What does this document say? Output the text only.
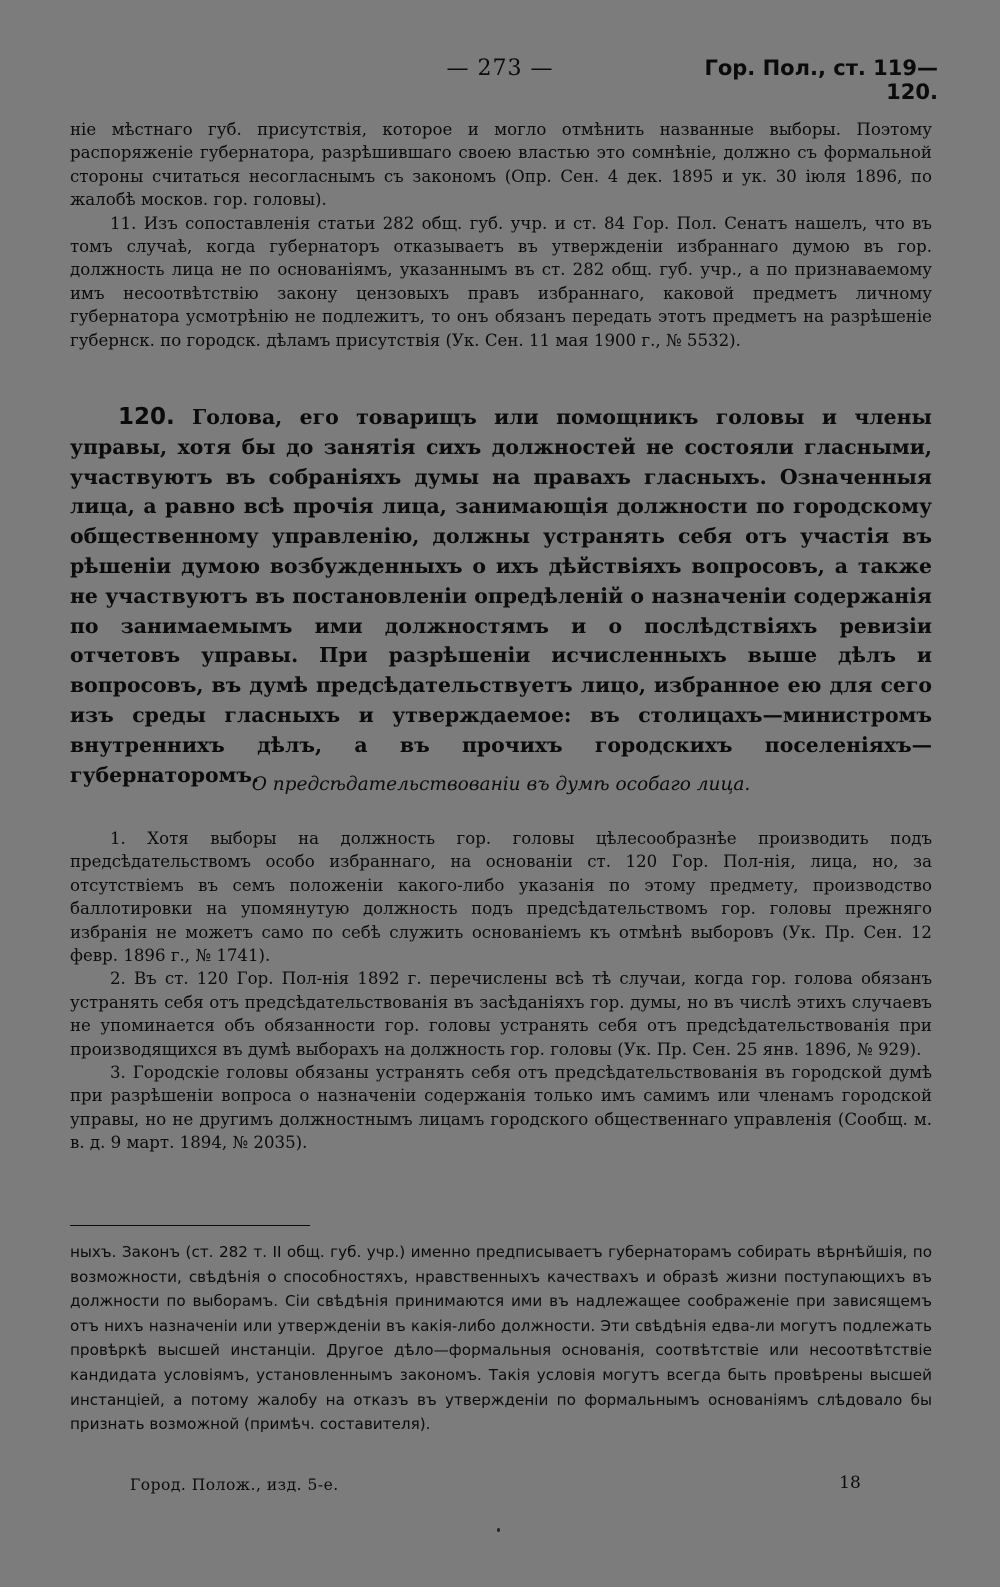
— 273 —	Гор. Пол., ст. 119—120.

ніе мѣстнаго губ. присутствія, которое и могло отмѣнить названные выборы. Поэтому распоряженіе губернатора, разрѣшившаго своею властью это сомнѣніе, должно съ формальной стороны считаться несогласнымъ съ закономъ (Опр. Сен. 4 дек. 1895 и ук. 30 іюля 1896, по жалобѣ москов. гор. головы).

11. Изъ сопоставленія статьи 282 общ. губ. учр. и ст. 84 Гор. Пол. Сенатъ нашелъ, что въ томъ случаѣ, когда губернаторъ отказываетъ въ утвержденіи избраннаго думою въ гор. должность лица не по основаніямъ, указаннымъ въ ст. 282 общ. губ. учр., а по признаваемому имъ несоотвѣтствію закону цензовыхъ правъ избраннаго, каковой предметъ личному губернатора усмотрѣнію не подлежитъ, то онъ обязанъ передать этотъ предметъ на разрѣшеніе губернск. по городск. дѣламъ присутствія (Ук. Сен. 11 мая 1900 г., № 5532).

120. Голова, его товарищъ или помощникъ головы и члены управы, хотя бы до занятія сихъ должностей не состояли гласными, участвуютъ въ собраніяхъ думы на правахъ гласныхъ. Означенныя лица, а равно всѣ прочія лица, занимающія должности по городскому общественному управленію, должны устранять себя отъ участія въ рѣшеніи думою возбужденныхъ о ихъ дѣйствіяхъ вопросовъ, а также не участвуютъ въ постановленіи опредѣленій о назначеніи содержанія по занимаемымъ ими должностямъ и о послѣдствіяхъ ревизіи отчетовъ управы. При разрѣшеніи исчисленныхъ выше дѣлъ и вопросовъ, въ думѣ предсѣдательствуетъ лицо, избранное ею для сего изъ среды гласныхъ и утверждаемое: въ столицахъ—министромъ внутреннихъ дѣлъ, а въ прочихъ городскихъ поселеніяхъ—губернаторомъ.

О предсѣдательствованіи въ думѣ особаго лица.

1. Хотя выборы на должность гор. головы цѣлесообразнѣе производить подъ предсѣдательствомъ особо избраннаго, на основаніи ст. 120 Гор. Пол-нія, лица, но, за отсутствіемъ въ семъ положеніи какого-либо указанія по этому предмету, производство баллотировки на упомянутую должность подъ предсѣдательствомъ гор. головы прежняго избранія не можетъ само по себѣ служить основаніемъ къ отмѣнѣ выборовъ (Ук. Пр. Сен. 12 февр. 1896 г., № 1741).

2. Въ ст. 120 Гор. Пол-нія 1892 г. перечислены всѣ тѣ случаи, когда гор. голова обязанъ устранять себя отъ предсѣдательствованія въ засѣданіяхъ гор. думы, но въ числѣ этихъ случаевъ не упоминается объ обязанности гор. головы устранять себя отъ предсѣдательствованія при производящихся въ думѣ выборахъ на должность гор. головы (Ук. Пр. Сен. 25 янв. 1896, № 929).

3. Городскіе головы обязаны устранять себя отъ предсѣдательствованія въ городской думѣ при разрѣшеніи вопроса о назначеніи содержанія только имъ самимъ или членамъ городской управы, но не другимъ должностнымъ лицамъ городского общественнаго управленія (Сообщ. м. в. д. 9 март. 1894, № 2035).

ныхъ. Законъ (ст. 282 т. II общ. губ. учр.) именно предписываетъ губернаторамъ собирать вѣрнѣйшія, по возможности, свѣдѣнія о способностяхъ, нравственныхъ качествахъ и образѣ жизни поступающихъ въ должности по выборамъ. Сіи свѣдѣнія принимаются ими въ надлежащее соображеніе при зависящемъ отъ нихъ назначеніи или утвержденіи въ какія-либо должности. Эти свѣдѣнія едва-ли могутъ подлежать провѣркѣ высшей инстанціи. Другое дѣло—формальныя основанія, соотвѣтствіе или несоотвѣтствіе кандидата условіямъ, установленнымъ закономъ. Такія условія могутъ всегда быть провѣрены высшей инстанціей, а потому жалобу на отказъ въ утвержденіи по формальнымъ основаніямъ слѣдовало бы признать возможной (примѣч. составителя).

Город. Полож., изд. 5-е.	18
